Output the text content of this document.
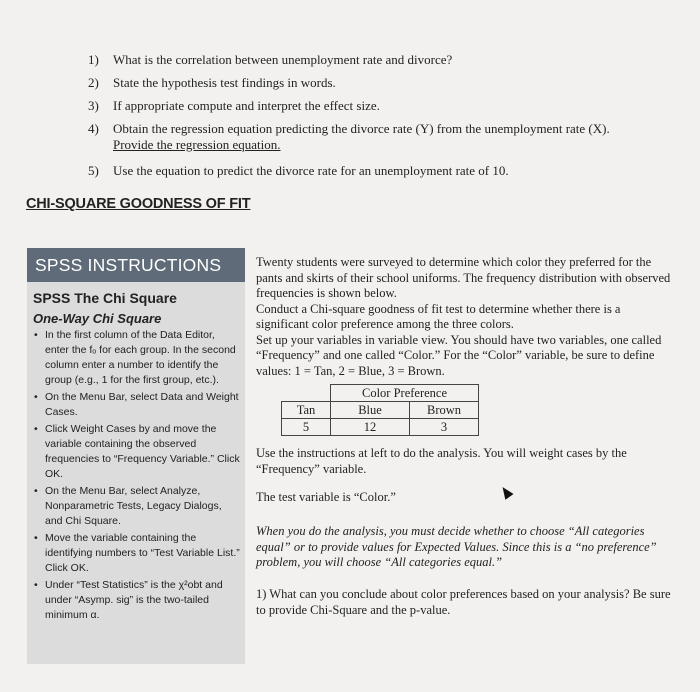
1)	What is the correlation between unemployment rate and divorce?
2)	State the hypothesis test findings in words.
3)	If appropriate compute and interpret the effect size.
4)	Obtain the regression equation predicting the divorce rate (Y) from the unemployment rate (X).
Provide the regression equation.
5)	Use the equation to predict the divorce rate for an unemployment rate of 10.
CHI-SQUARE GOODNESS OF FIT
SPSS INSTRUCTIONS
SPSS The Chi Square
One-Way Chi Square
• In the first column of the Data Editor, enter the fₒ for each group. In the second column enter a number to identify the group (e.g., 1 for the first group, etc.).
• On the Menu Bar, select Data and Weight Cases.
• Click Weight Cases by and move the variable containing the observed frequencies to “Frequency Variable.” Click OK.
• On the Menu Bar, select Analyze, Nonparametric Tests, Legacy Dialogs, and Chi Square.
• Move the variable containing the identifying numbers to “Test Variable List.” Click OK.
• Under “Test Statistics” is the χ²obt and under “Asymp. sig” is the two-tailed minimum α.

Twenty students were surveyed to determine which color they preferred for the pants and skirts of their school uniforms. The frequency distribution with observed frequencies is shown below.

Conduct a Chi-square goodness of fit test to determine whether there is a significant color preference among the three colors.

Set up your variables in variable view. You should have two variables, one called “Frequency” and one called “Color.” For the “Color” variable, be sure to define values: 1 = Tan, 2 = Blue, 3 = Brown.

	Color Preference	
Tan	Blue	Brown
5	12	3

Use the instructions at left to do the analysis. You will weight cases by the “Frequency” variable.

The test variable is “Color.”

When you do the analysis, you must decide whether to choose “All categories equal” or to provide values for Expected Values. Since this is a “no preference” problem, you will choose “All categories equal.”

1) What can you conclude about color preferences based on your analysis? Be sure to provide Chi-Square and the p-value.
